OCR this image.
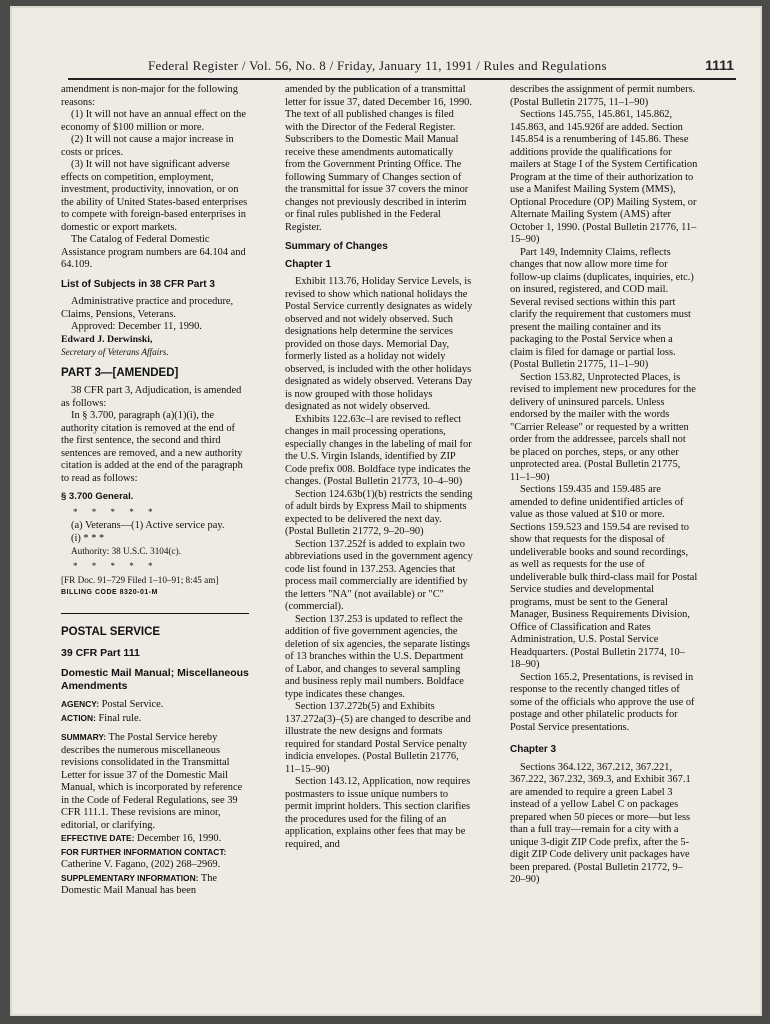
Federal Register / Vol. 56, No. 8 / Friday, January 11, 1991 / Rules and Regulations	1111

amendment is non-major for the following reasons:

(1) It will not have an annual effect on the economy of $100 million or more.

(2) It will not cause a major increase in costs or prices.

(3) It will not have significant adverse effects on competition, employment, investment, productivity, innovation, or on the ability of United States-based enterprises to compete with foreign-based enterprises in domestic or export markets.

The Catalog of Federal Domestic Assistance program numbers are 64.104 and 64.109.

List of Subjects in 38 CFR Part 3

Administrative practice and procedure, Claims, Pensions, Veterans.

Approved: December 11, 1990.

Edward J. Derwinski,

Secretary of Veterans Affairs.

PART 3—[AMENDED]

38 CFR part 3, Adjudication, is amended as follows:

In § 3.700, paragraph (a)(1)(i), the authority citation is removed at the end of the first sentence, the second and third sentences are removed, and a new authority citation is added at the end of the paragraph to read as follows:

§ 3.700 General.

* * * * *

(a) Veterans—(1) Active service pay.

(i) * * *

Authority: 38 U.S.C. 3104(c).

* * * * *

[FR Doc. 91–729 Filed 1–10–91; 8:45 am]

BILLING CODE 8320-01-M

POSTAL SERVICE
39 CFR Part 111
Domestic Mail Manual; Miscellaneous Amendments

AGENCY: Postal Service.

ACTION: Final rule.

SUMMARY: The Postal Service hereby describes the numerous miscellaneous revisions consolidated in the Transmittal Letter for issue 37 of the Domestic Mail Manual, which is incorporated by reference in the Code of Federal Regulations, see 39 CFR 111.1. These revisions are minor, editorial, or clarifying.

EFFECTIVE DATE: December 16, 1990.

FOR FURTHER INFORMATION CONTACT: Catherine V. Fagano, (202) 268–2969.

SUPPLEMENTARY INFORMATION: The Domestic Mail Manual has been

amended by the publication of a transmittal letter for issue 37, dated December 16, 1990. The text of all published changes is filed with the Director of the Federal Register. Subscribers to the Domestic Mail Manual receive these amendments automatically from the Government Printing Office. The following Summary of Changes section of the transmittal for issue 37 covers the minor changes not previously described in interim or final rules published in the Federal Register.

Summary of Changes
Chapter 1

Exhibit 113.76, Holiday Service Levels, is revised to show which national holidays the Postal Service currently designates as widely observed and not widely observed. Such designations help determine the services provided on those days. Memorial Day, formerly listed as a holiday not widely observed, is included with the other holidays designated as widely observed. Veterans Day is now grouped with those holidays designated as not widely observed.

Exhibits 122.63c–l are revised to reflect changes in mail processing operations, especially changes in the labeling of mail for the U.S. Virgin Islands, identified by ZIP Code prefix 008. Boldface type indicates the changes. (Postal Bulletin 21773, 10–4–90)

Section 124.63b(1)(b) restricts the sending of adult birds by Express Mail to shipments expected to be delivered the next day. (Postal Bulletin 21772, 9–20–90)

Section 137.252f is added to explain two abbreviations used in the government agency code list found in 137.253. Agencies that process mail commercially are identified by the letters "NA" (not available) or "C" (commercial).

Section 137.253 is updated to reflect the addition of five government agencies, the deletion of six agencies, the separate listings of 13 branches within the U.S. Department of Labor, and changes to several sampling and business reply mail numbers. Boldface type indicates these changes.

Section 137.272b(5) and Exhibits 137.272a(3)–(5) are changed to describe and illustrate the new designs and formats required for standard Postal Service penalty indicia envelopes. (Postal Bulletin 21776, 11–15–90)

Section 143.12, Application, now requires postmasters to issue unique numbers to permit imprint holders. This section clarifies the procedures used for the filing of an application, explains other fees that may be required, and

describes the assignment of permit numbers. (Postal Bulletin 21775, 11–1–90)

Sections 145.755, 145.861, 145.862, 145.863, and 145.926f are added. Section 145.854 is a renumbering of 145.86. These additions provide the qualifications for mailers at Stage I of the System Certification Program at the time of their authorization to use a Manifest Mailing System (MMS), Optional Procedure (OP) Mailing System, or Alternate Mailing System (AMS) after October 1, 1990. (Postal Bulletin 21776, 11–15–90)

Part 149, Indemnity Claims, reflects changes that now allow more time for follow-up claims (duplicates, inquiries, etc.) on insured, registered, and COD mail. Several revised sections within this part clarify the requirement that customers must present the mailing container and its packaging to the Postal Service when a claim is filed for damage or partial loss. (Postal Bulletin 21775, 11–1–90)

Section 153.82, Unprotected Places, is revised to implement new procedures for the delivery of uninsured parcels. Unless endorsed by the mailer with the words "Carrier Release" or requested by a written order from the addressee, parcels shall not be placed on porches, steps, or any other unprotected area. (Postal Bulletin 21775, 11–1–90)

Sections 159.435 and 159.485 are amended to define unidentified articles of value as those valued at $10 or more. Sections 159.523 and 159.54 are revised to show that requests for the disposal of undeliverable books and sound recordings, as well as requests for the use of undeliverable bulk third-class mail for Postal Service studies and developmental programs, must be sent to the General Manager, Business Requirements Division, Office of Classification and Rates Administration, U.S. Postal Service Headquarters. (Postal Bulletin 21774, 10–18–90)

Section 165.2, Presentations, is revised in response to the recently changed titles of some of the officials who approve the use of postage and other philatelic products for Postal Service presentations.

Chapter 3

Sections 364.122, 367.212, 367.221, 367.222, 367.232, 369.3, and Exhibit 367.1 are amended to require a green Label 3 instead of a yellow Label C on packages prepared when 50 pieces or more—but less than a full tray—remain for a city with a unique 3-digit ZIP Code prefix, after the 5-digit ZIP Code delivery unit packages have been prepared. (Postal Bulletin 21772, 9–20–90)
